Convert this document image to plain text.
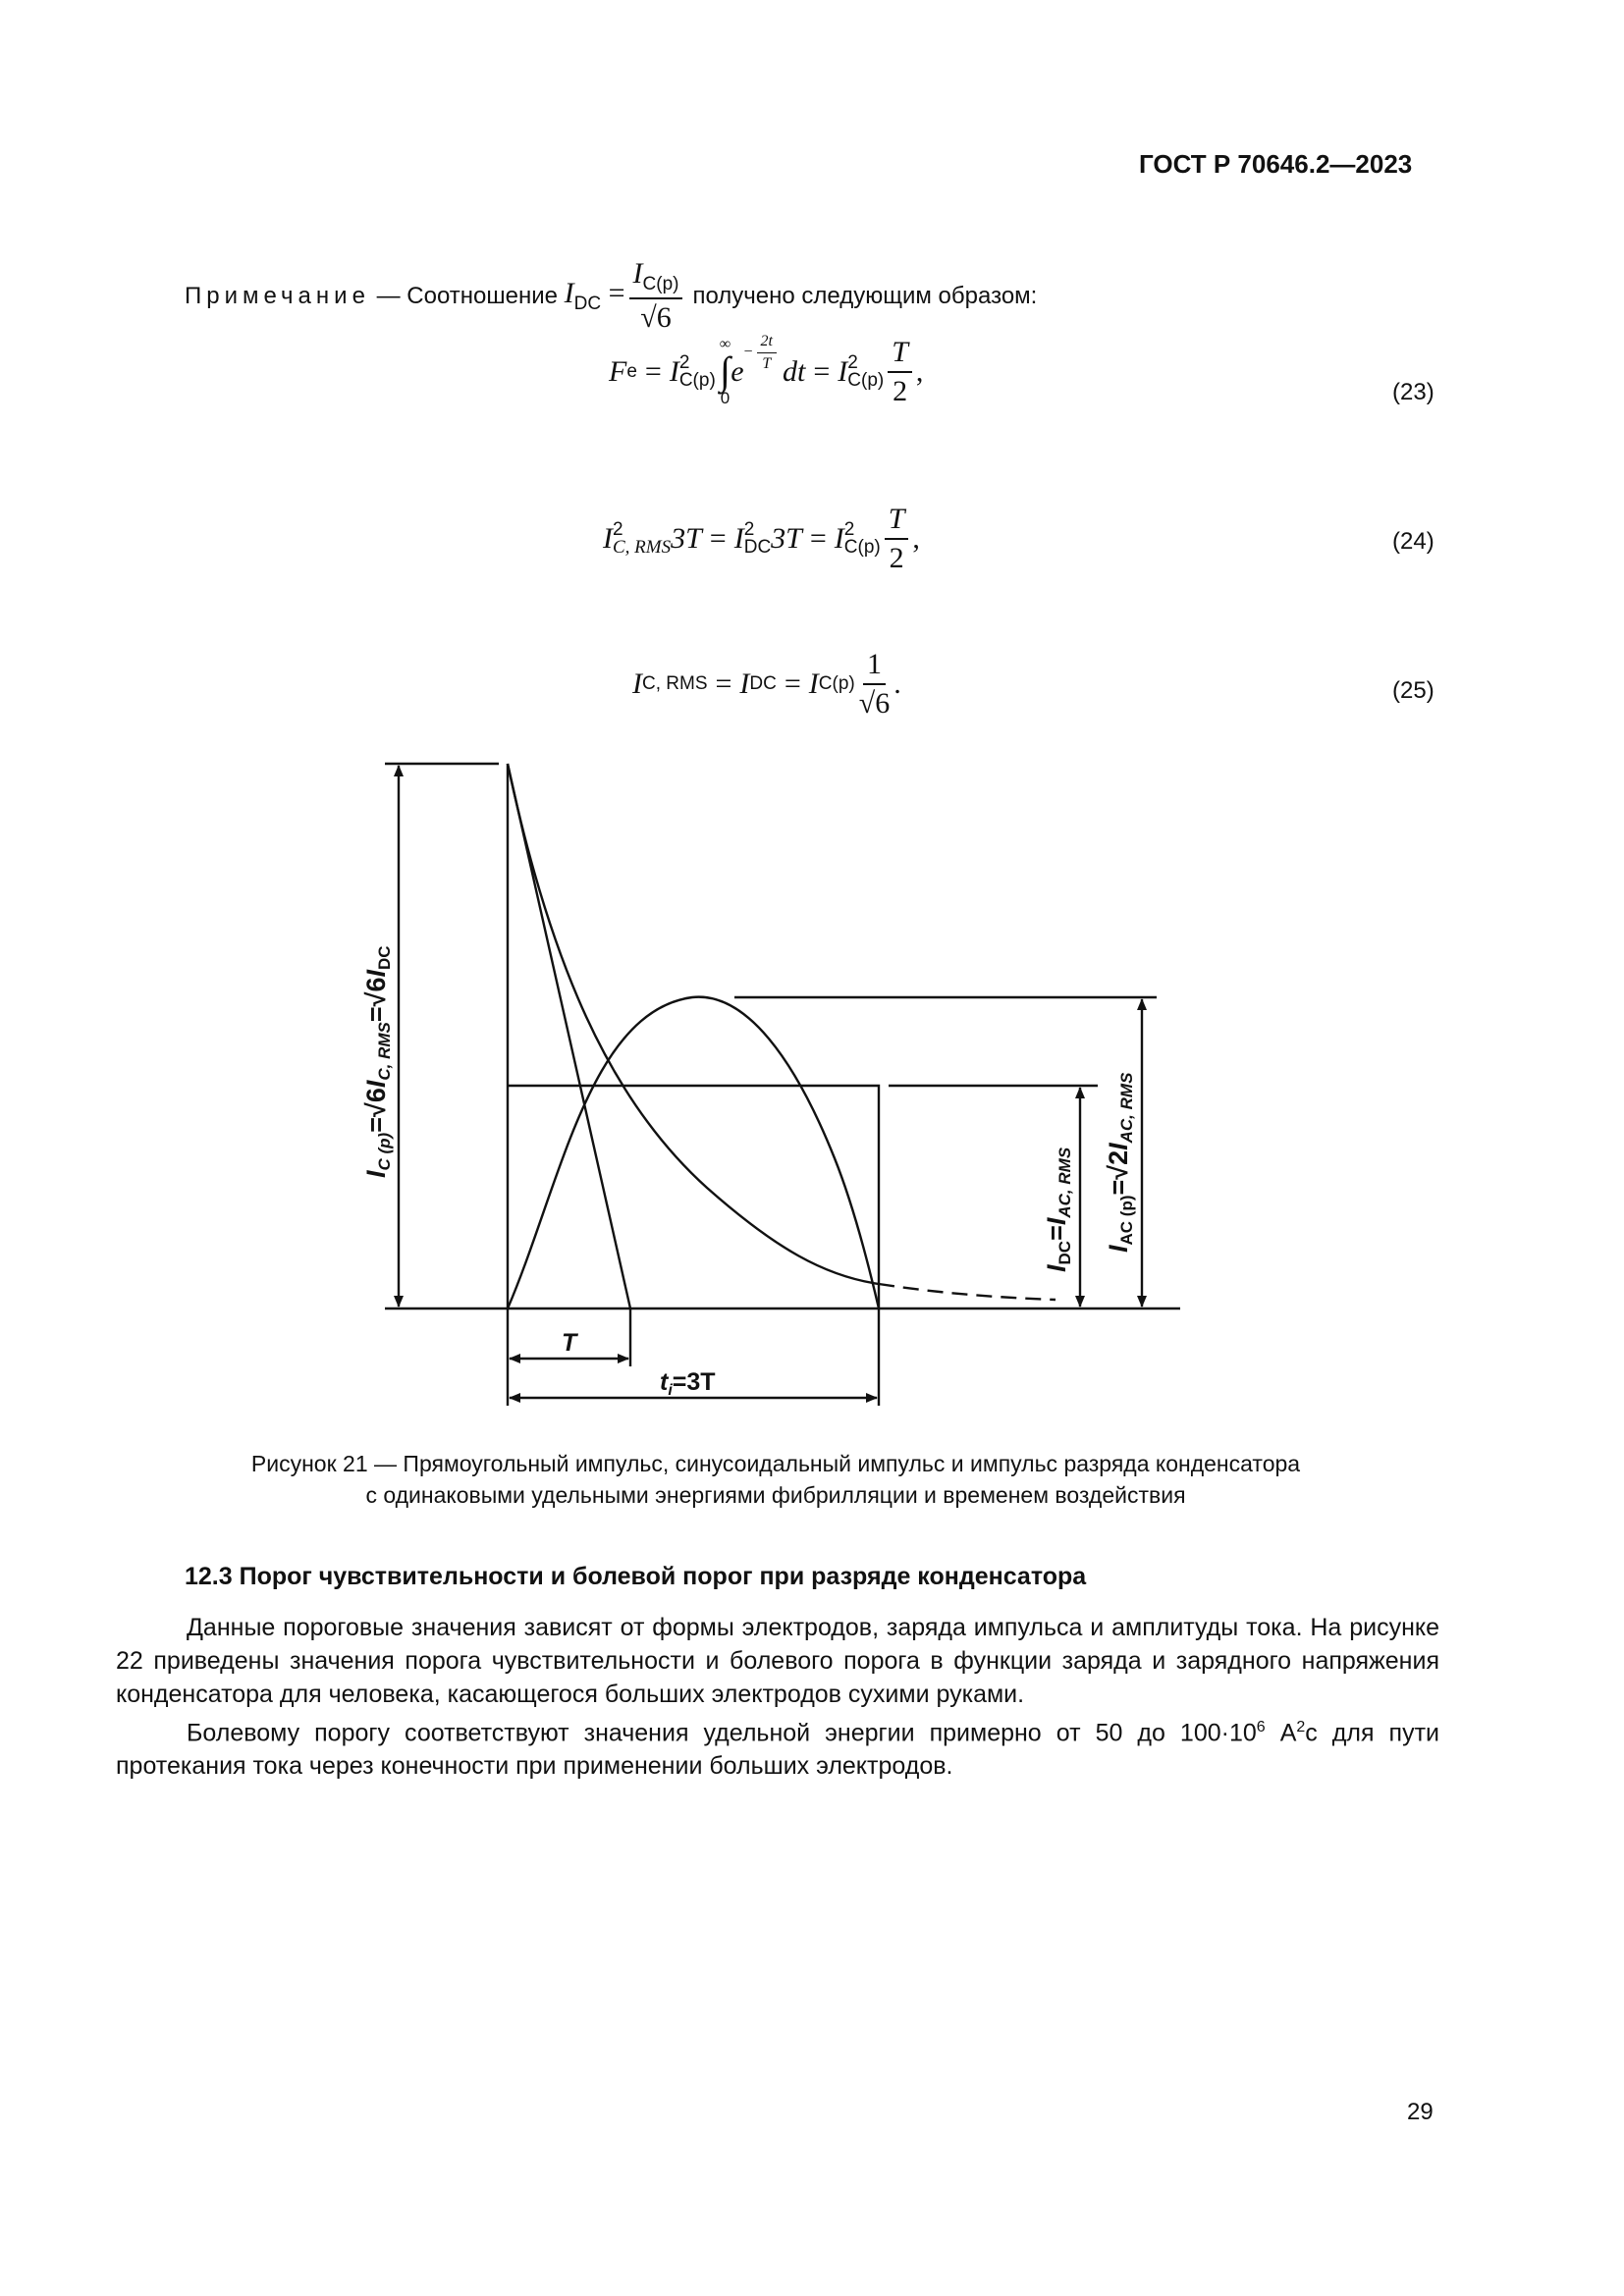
ГОСТ Р 70646.2—2023
Примечание — Соотношение $I_{DC} = \frac{I_{C(p)}}{√6}$ получено следующим образом:
F e = I 2
C(p)
∞
∫
0
e
− $\frac{2t}{T}$ dt = I 2
$C(p) \frac{T}{2}$ ,
(23)
I 2
C, RMS 3T = I 2
DC 3T = I 2
$C(p) \frac{T}{2}$ ,	(24)
I C, RMS = I DC = I $C(p) \frac{1}{√6}$ .	(25)
IC (p)=√6IC, RMS=√6IDC
IDC=IAC, RMS
IAC (p)=√2IAC, RMS
T
$t_i=3T$
Рисунок 21 — Прямоугольный импульс, синусоидальный импульс и импульс разряда конденсатора
с одинаковыми удельными энергиями фибрилляции и временем воздействия
12.3 Порог чувствительности и болевой порог при разряде конденсатора

Данные пороговые значения зависят от формы электродов, заряда импульса и амплитуды тока. На рисунке 22 приведены значения порога чувствительности и болевого порога в функции заряда и зарядного напряжения конденсатора для человека, касающегося больших электродов сухими руками.

Болевому порогу соответствуют значения удельной энергии примерно от 50 до $100\cdot 10^6$ $А^2с$ для пути протекания тока через конечности при применении больших электродов.

29
